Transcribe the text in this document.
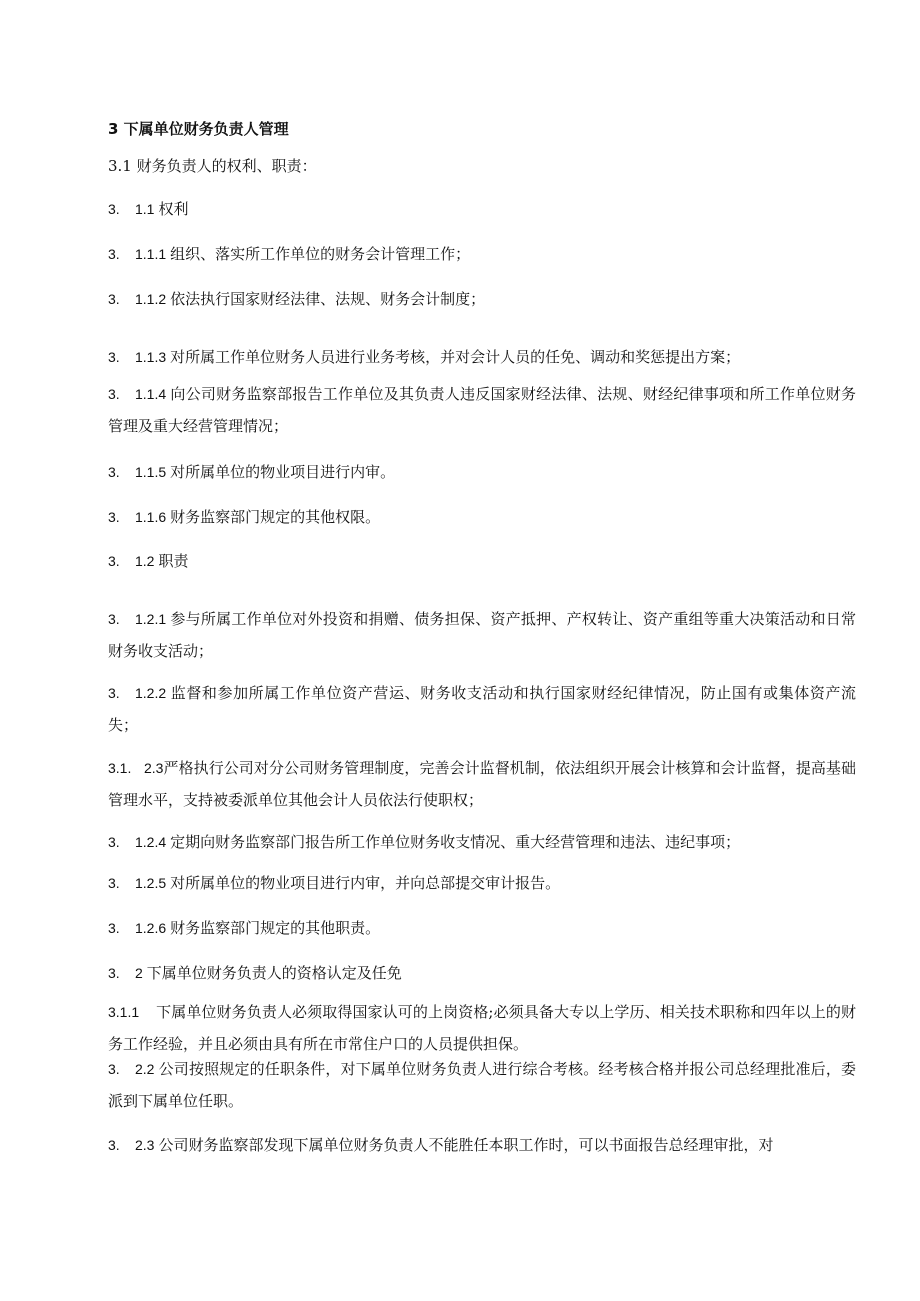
3 下属单位财务负责人管理
3.1 财务负责人的权利、职责：
3. 1.1 权利
3. 1.1.1 组织、落实所工作单位的财务会计管理工作；
3. 1.1.2 依法执行国家财经法律、法规、财务会计制度；
3. 1.1.3 对所属工作单位财务人员进行业务考核，并对会计人员的任免、调动和奖惩提出方案；
3. 1.1.4 向公司财务监察部报告工作单位及其负责人违反国家财经法律、法规、财经纪律事项和所工作单位财务管理及重大经营管理情况；
3. 1.1.5 对所属单位的物业项目进行内审。
3. 1.1.6 财务监察部门规定的其他权限。
3. 1.2 职责
3. 1.2.1 参与所属工作单位对外投资和捐赠、债务担保、资产抵押、产权转让、资产重组等重大决策活动和日常财务收支活动；
3. 1.2.2 监督和参加所属工作单位资产营运、财务收支活动和执行国家财经纪律情况，防止国有或集体资产流失；
3.1. 2.3严格执行公司对分公司财务管理制度，完善会计监督机制，依法组织开展会计核算和会计监督，提高基础管理水平，支持被委派单位其他会计人员依法行使职权；
3. 1.2.4 定期向财务监察部门报告所工作单位财务收支情况、重大经营管理和违法、违纪事项；
3. 1.2.5 对所属单位的物业项目进行内审，并向总部提交审计报告。
3. 1.2.6 财务监察部门规定的其他职责。
3. 2 下属单位财务负责人的资格认定及任免
3.1.1 下属单位财务负责人必须取得国家认可的上岗资格;必须具备大专以上学历、相关技术职称和四年以上的财务工作经验，并且必须由具有所在市常住户口的人员提供担保。
3. 2.2 公司按照规定的任职条件，对下属单位财务负责人进行综合考核。经考核合格并报公司总经理批准后，委派到下属单位任职。
3. 2.3 公司财务监察部发现下属单位财务负责人不能胜任本职工作时，可以书面报告总经理审批，对
